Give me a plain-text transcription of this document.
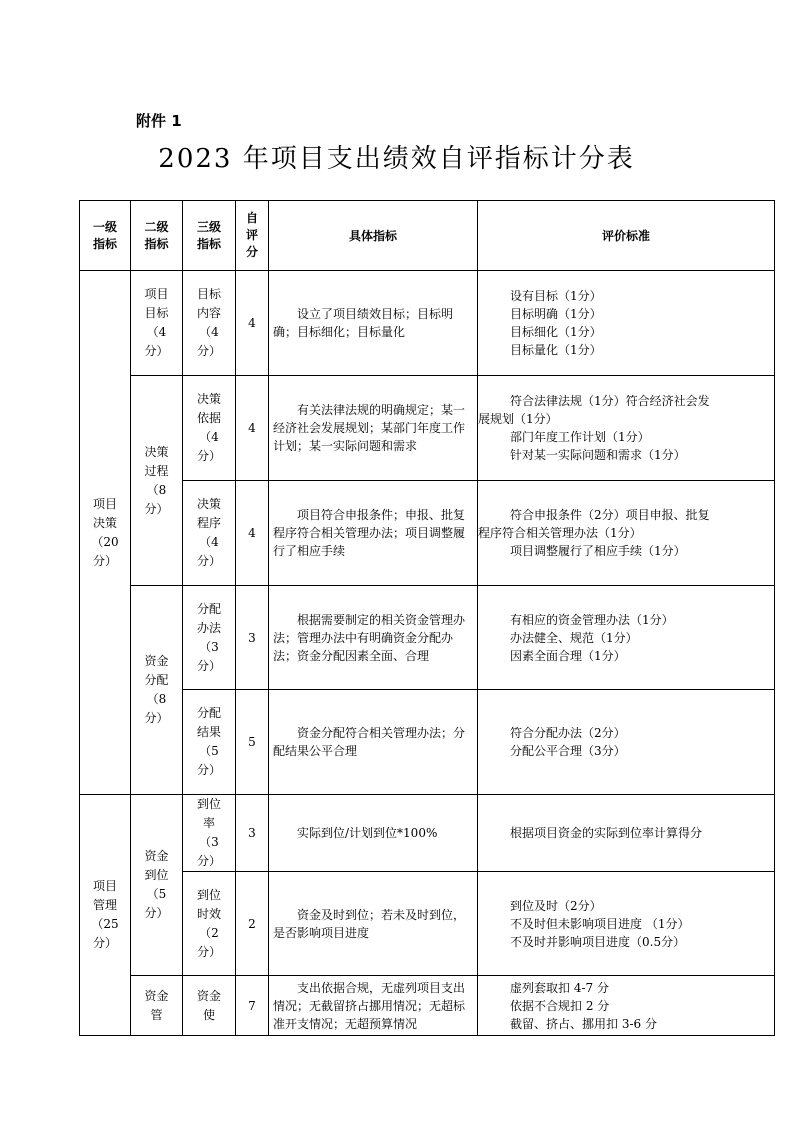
附件 1
2023 年项目支出绩效自评指标计分表
一级指标	二级指标	三级指标	自评分	具体指标	评价标准

项目决策（20分）	项目目标（4分）	目标内容（4分）	4	设立了项目绩效目标；目标明确；目标细化；目标量化	设有目标（1分）
目标明确（1分）
目标细化（1分）
目标量化（1分）

	决策过程（8分）	决策依据（4分）	4	有关法律法规的明确规定；某一经济社会发展规划；某部门年度工作计划；某一实际问题和需求	符合法律法规（1分）符合经济社会发
展规划（1分）
部门年度工作计划（1分）
针对某一实际问题和需求（1分）

		决策程序（4分）	4	项目符合申报条件；申报、批复程序符合相关管理办法；项目调整履行了相应手续	符合申报条件（2分）项目申报、批复
程序符合相关管理办法（1分）
项目调整履行了相应手续（1分）

	资金分配（8分）	分配办法（3分）	3	根据需要制定的相关资金管理办法；管理办法中有明确资金分配办法；资金分配因素全面、合理	有相应的资金管理办法（1分）
办法健全、规范（1分）
因素全面合理（1分）

		分配结果（5分）	5	资金分配符合相关管理办法；分配结果公平合理	符合分配办法（2分）
分配公平合理（3分）

项目管理（25分）	资金到位（5分）	到位率（3分）	3	实际到位/计划到位*100%	根据项目资金的实际到位率计算得分

		到位时效（2分）	2	资金及时到位；若未及时到位，是否影响项目进度	到位及时（2分）
不及时但未影响项目进度 （1分）
不及时并影响项目进度（0.5分）

	资金管	资金使	7	支出依据合规，无虚列项目支出情况；无截留挤占挪用情况；无超标准开支情况；无超预算情况	虚列套取扣 4-7 分
依据不合规扣 2 分
截留、挤占、挪用扣 3-6 分
